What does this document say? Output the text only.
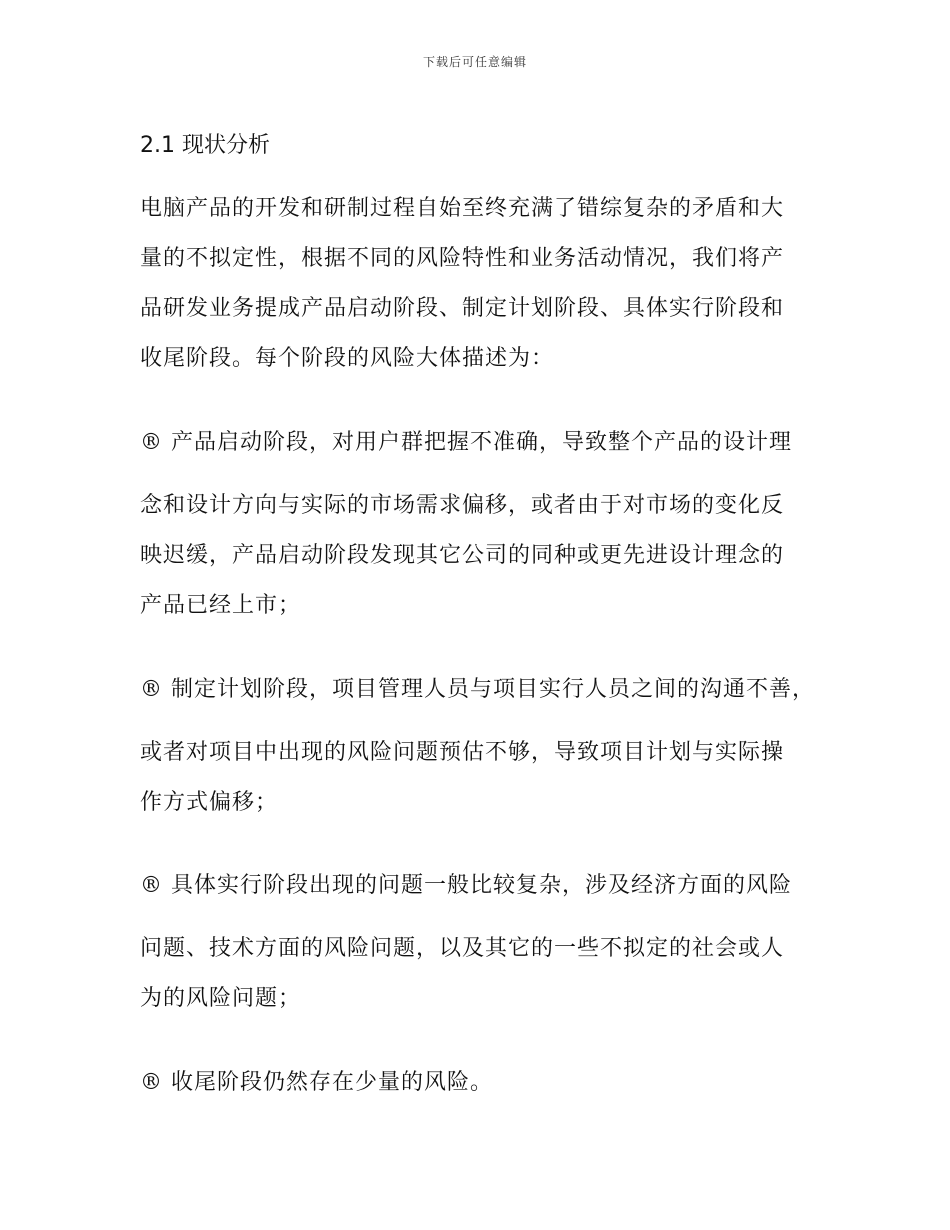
下载后可任意编辑
2.1 现状分析
电脑产品的开发和研制过程自始至终充满了错综复杂的矛盾和大
量的不拟定性，根据不同的风险特性和业务活动情况，我们将产
品研发业务提成产品启动阶段、制定计划阶段、具体实行阶段和
收尾阶段。每个阶段的风险大体描述为：
® 产品启动阶段，对用户群把握不准确，导致整个产品的设计理
念和设计方向与实际的市场需求偏移，或者由于对市场的变化反
映迟缓，产品启动阶段发现其它公司的同种或更先进设计理念的
产品已经上市；
® 制定计划阶段，项目管理人员与项目实行人员之间的沟通不善，
或者对项目中出现的风险问题预估不够，导致项目计划与实际操
作方式偏移；
® 具体实行阶段出现的问题一般比较复杂，涉及经济方面的风险
问题、技术方面的风险问题，以及其它的一些不拟定的社会或人
为的风险问题；
® 收尾阶段仍然存在少量的风险。
